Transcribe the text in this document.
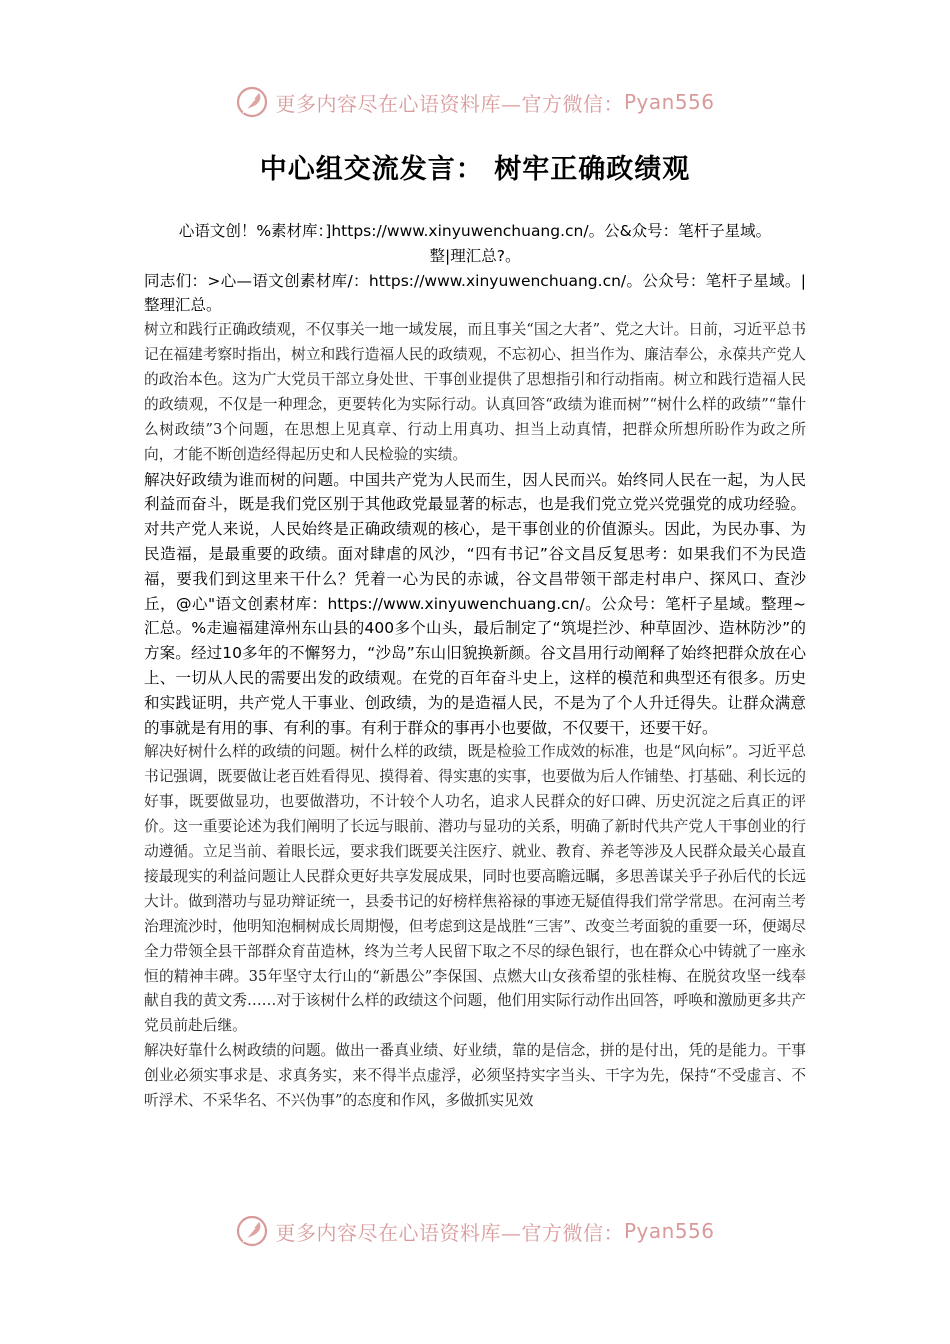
更多内容尽在心语资料库—官方微信： Pyan556
中心组交流发言： 树牢正确政绩观

心语文创！%素材库：]https://www.xinyuwenchuang.cn/。公&众号：笔杆子星域。

整|理汇总?。

同志们：>心—语文创素材库/：https://www.xinyuwenchuang.cn/。公众号：笔杆子星域。|整理汇总。

树立和践行正确政绩观，不仅事关一地一域发展，而且事关“国之大者”、党之大计。日前，习近平总书记在福建考察时指出，树立和践行造福人民的政绩观，不忘初心、担当作为、廉洁奉公，永葆共产党人的政治本色。这为广大党员干部立身处世、干事创业提供了思想指引和行动指南。树立和践行造福人民的政绩观，不仅是一种理念，更要转化为实际行动。认真回答“政绩为谁而树”“树什么样的政绩”“靠什么树政绩”3个问题，在思想上见真章、行动上用真功、担当上动真情，把群众所想所盼作为政之所向，才能不断创造经得起历史和人民检验的实绩。

解决好政绩为谁而树的问题。中国共产党为人民而生，因人民而兴。始终同人民在一起，为人民利益而奋斗，既是我们党区别于其他政党最显著的标志，也是我们党立党兴党强党的成功经验。对共产党人来说，人民始终是正确政绩观的核心，是干事创业的价值源头。因此，为民办事、为民造福，是最重要的政绩。面对肆虐的风沙，“四有书记”谷文昌反复思考：如果我们不为民造福，要我们到这里来干什么？凭着一心为民的赤诚，谷文昌带领干部走村串户、探风口、查沙丘，@心"语文创素材库：https://www.xinyuwenchuang.cn/。公众号：笔杆子星域。整理~汇总。%走遍福建漳州东山县的400多个山头，最后制定了“筑堤拦沙、种草固沙、造林防沙”的方案。经过10多年的不懈努力，“沙岛”东山旧貌换新颜。谷文昌用行动阐释了始终把群众放在心上、一切从人民的需要出发的政绩观。在党的百年奋斗史上，这样的模范和典型还有很多。历史和实践证明，共产党人干事业、创政绩，为的是造福人民，不是为了个人升迁得失。让群众满意的事就是有用的事、有利的事。有利于群众的事再小也要做，不仅要干，还要干好。

解决好树什么样的政绩的问题。树什么样的政绩，既是检验工作成效的标准，也是“风向标”。习近平总书记强调，既要做让老百姓看得见、摸得着、得实惠的实事，也要做为后人作铺垫、打基础、利长远的好事，既要做显功，也要做潜功，不计较个人功名，追求人民群众的好口碑、历史沉淀之后真正的评价。这一重要论述为我们阐明了长远与眼前、潜功与显功的关系，明确了新时代共产党人干事创业的行动遵循。立足当前、着眼长远，要求我们既要关注医疗、就业、教育、养老等涉及人民群众最关心最直接最现实的利益问题让人民群众更好共享发展成果，同时也要高瞻远瞩，多思善谋关乎子孙后代的长远大计。做到潜功与显功辩证统一，县委书记的好榜样焦裕禄的事迹无疑值得我们常学常思。在河南兰考治理流沙时，他明知泡桐树成长周期慢，但考虑到这是战胜“三害”、改变兰考面貌的重要一环，便竭尽全力带领全县干部群众育苗造林，终为兰考人民留下取之不尽的绿色银行，也在群众心中铸就了一座永恒的精神丰碑。35年坚守太行山的“新愚公”李保国、点燃大山女孩希望的张桂梅、在脱贫攻坚一线奉献自我的黄文秀……对于该树什么样的政绩这个问题，他们用实际行动作出回答，呼唤和激励更多共产党员前赴后继。

解决好靠什么树政绩的问题。做出一番真业绩、好业绩，靠的是信念，拼的是付出，凭的是能力。干事创业必须实事求是、求真务实，来不得半点虚浮，必须坚持实字当头、干字为先，保持“不受虚言、不听浮术、不采华名、不兴伪事”的态度和作风，多做抓实见效

更多内容尽在心语资料库—官方微信： Pyan556
